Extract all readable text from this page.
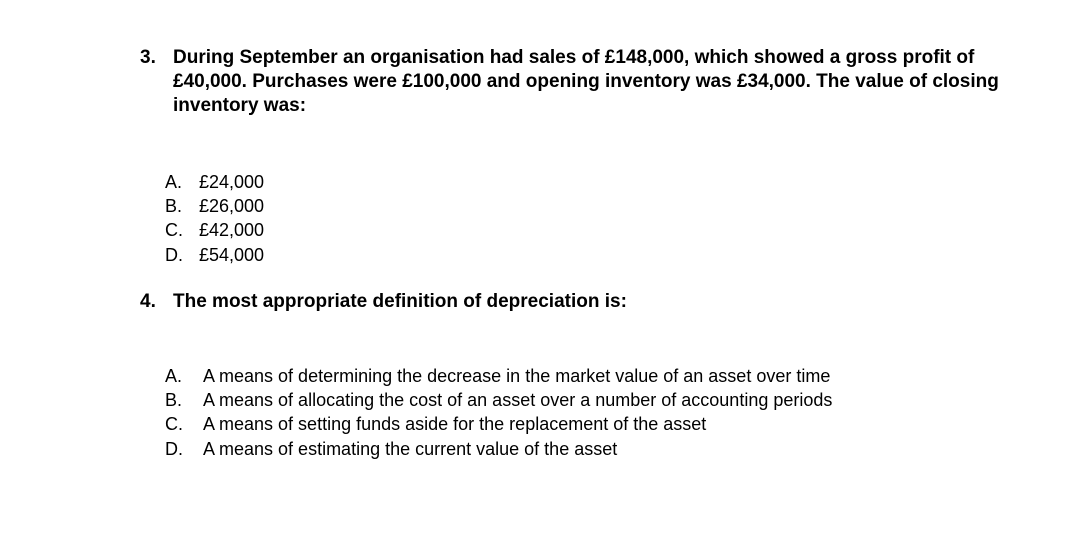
3. During September an organisation had sales of £148,000, which showed a gross profit of £40,000. Purchases were £100,000 and opening inventory was £34,000. The value of closing inventory was:
A. £24,000
B. £26,000
C. £42,000
D. £54,000
4. The most appropriate definition of depreciation is:
A.	A means of determining the decrease in the market value of an asset over time
B.	A means of allocating the cost of an asset over a number of accounting periods
C.	A means of setting funds aside for the replacement of the asset
D.	A means of estimating the current value of the asset
